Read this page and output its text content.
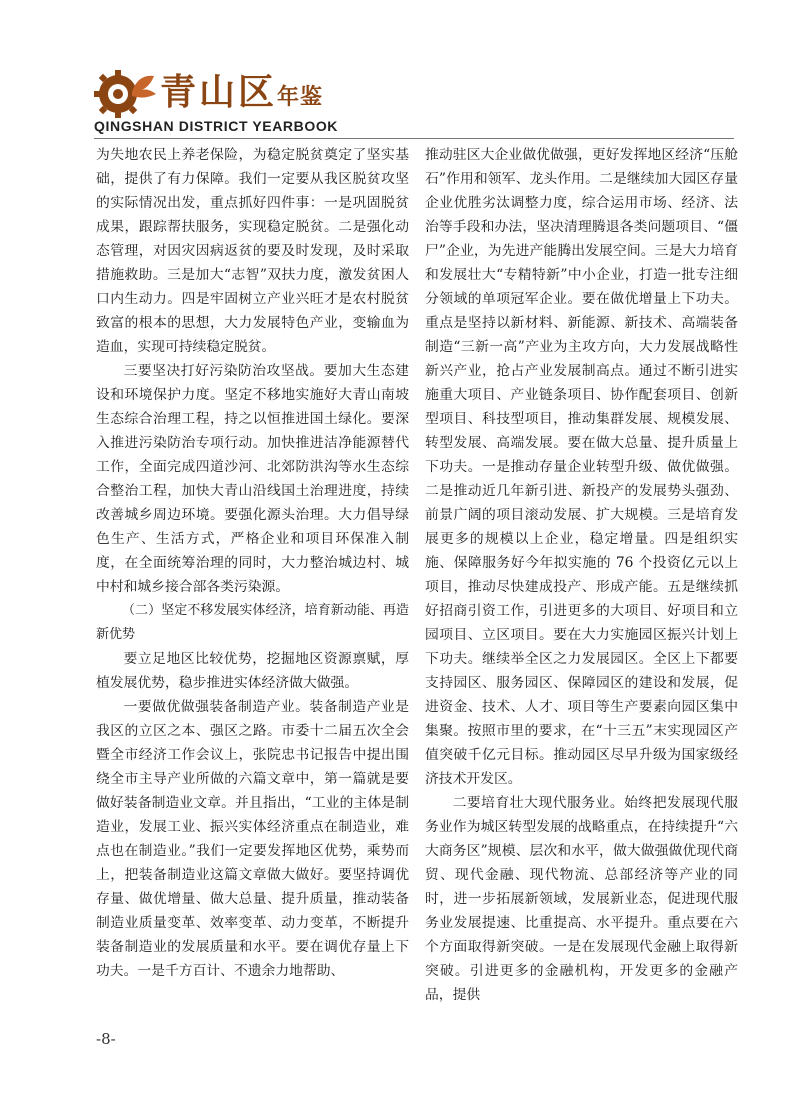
青山区年鉴
QINGSHAN DISTRICT YEARBOOK

为失地农民上养老保险，为稳定脱贫奠定了坚实基础，提供了有力保障。我们一定要从我区脱贫攻坚的实际情况出发，重点抓好四件事：一是巩固脱贫成果，跟踪帮扶服务，实现稳定脱贫。二是强化动态管理，对因灾因病返贫的要及时发现，及时采取措施救助。三是加大“志智”双扶力度，激发贫困人口内生动力。四是牢固树立产业兴旺才是农村脱贫致富的根本的思想，大力发展特色产业，变输血为造血，实现可持续稳定脱贫。

三要坚决打好污染防治攻坚战。要加大生态建设和环境保护力度。坚定不移地实施好大青山南坡生态综合治理工程，持之以恒推进国土绿化。要深入推进污染防治专项行动。加快推进洁净能源替代工作，全面完成四道沙河、北郊防洪沟等水生态综合整治工程，加快大青山沿线国土治理进度，持续改善城乡周边环境。要强化源头治理。大力倡导绿色生产、生活方式，严格企业和项目环保准入制度，在全面统筹治理的同时，大力整治城边村、城中村和城乡接合部各类污染源。

（二）坚定不移发展实体经济，培育新动能、再造新优势

要立足地区比较优势，挖掘地区资源禀赋，厚植发展优势，稳步推进实体经济做大做强。

一要做优做强装备制造产业。装备制造产业是我区的立区之本、强区之路。市委十二届五次全会暨全市经济工作会议上，张院忠书记报告中提出围绕全市主导产业所做的六篇文章中，第一篇就是要做好装备制造业文章。并且指出，“工业的主体是制造业，发展工业、振兴实体经济重点在制造业，难点也在制造业。”我们一定要发挥地区优势，乘势而上，把装备制造业这篇文章做大做好。要坚持调优存量、做优增量、做大总量、提升质量，推动装备制造业质量变革、效率变革、动力变革，不断提升装备制造业的发展质量和水平。要在调优存量上下功夫。一是千方百计、不遗余力地帮助、

推动驻区大企业做优做强，更好发挥地区经济“压舱石”作用和领军、龙头作用。二是继续加大园区存量企业优胜劣汰调整力度，综合运用市场、经济、法治等手段和办法，坚决清理腾退各类问题项目、“僵尸”企业，为先进产能腾出发展空间。三是大力培育和发展壮大“专精特新”中小企业，打造一批专注细分领域的单项冠军企业。要在做优增量上下功夫。重点是坚持以新材料、新能源、新技术、高端装备制造“三新一高”产业为主攻方向，大力发展战略性新兴产业，抢占产业发展制高点。通过不断引进实施重大项目、产业链条项目、协作配套项目、创新型项目、科技型项目，推动集群发展、规模发展、转型发展、高端发展。要在做大总量、提升质量上下功夫。一是推动存量企业转型升级、做优做强。二是推动近几年新引进、新投产的发展势头强劲、前景广阔的项目滚动发展、扩大规模。三是培育发展更多的规模以上企业，稳定增量。四是组织实施、保障服务好今年拟实施的 76 个投资亿元以上项目，推动尽快建成投产、形成产能。五是继续抓好招商引资工作，引进更多的大项目、好项目和立园项目、立区项目。要在大力实施园区振兴计划上下功夫。继续举全区之力发展园区。全区上下都要支持园区、服务园区、保障园区的建设和发展，促进资金、技术、人才、项目等生产要素向园区集中集聚。按照市里的要求，在“十三五”末实现园区产值突破千亿元目标。推动园区尽早升级为国家级经济技术开发区。

二要培育壮大现代服务业。始终把发展现代服务业作为城区转型发展的战略重点，在持续提升“六大商务区”规模、层次和水平，做大做强做优现代商贸、现代金融、现代物流、总部经济等产业的同时，进一步拓展新领域，发展新业态，促进现代服务业发展提速、比重提高、水平提升。重点要在六个方面取得新突破。一是在发展现代金融上取得新突破。引进更多的金融机构，开发更多的金融产品，提供

-8-
